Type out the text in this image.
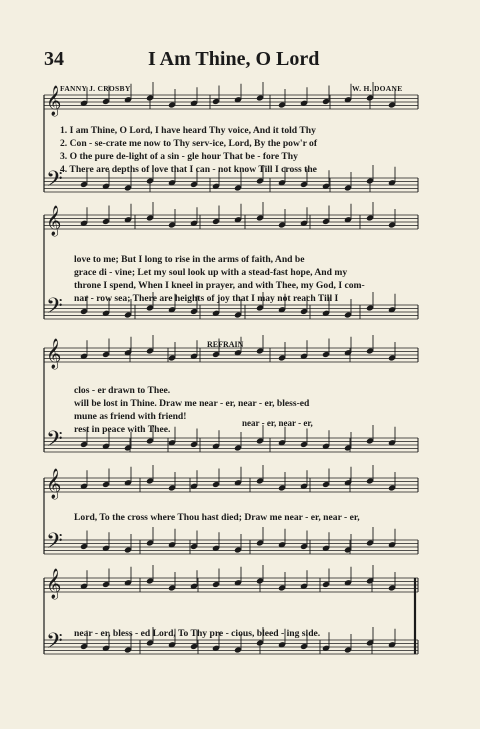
34	I Am Thine, O Lord
FANNY J. CROSBY	W. H. DOANE
REFRAIN
𝄞
𝄢
𝄞
𝄢
𝄞
𝄢
𝄞
𝄢
𝄞
𝄢
1. I am Thine, O Lord, I have heard Thy voice, And it told Thy
2. Con - se-crate me now to Thy serv-ice, Lord, By the pow'r of
3. O the pure de-light of a sin - gle hour That be - fore Thy
4. There are depths of love that I can - not know Till I cross the
love to me; But I long to rise in the arms of faith, And be
grace di - vine; Let my soul look up with a stead-fast hope, And my
throne I spend, When I kneel in prayer, and with Thee, my God, I com-
nar - row sea; There are heights of joy that I may not reach Till I
clos - er drawn to Thee.
will be lost in Thine. Draw me near - er, near - er, bless-ed
mune as friend with friend!
rest in peace with Thee.
near - er, near - er,
Lord, To the cross where Thou hast died; Draw me near - er, near - er,
near - er, bless - ed Lord, To Thy pre - cious, bleed - ing side.
